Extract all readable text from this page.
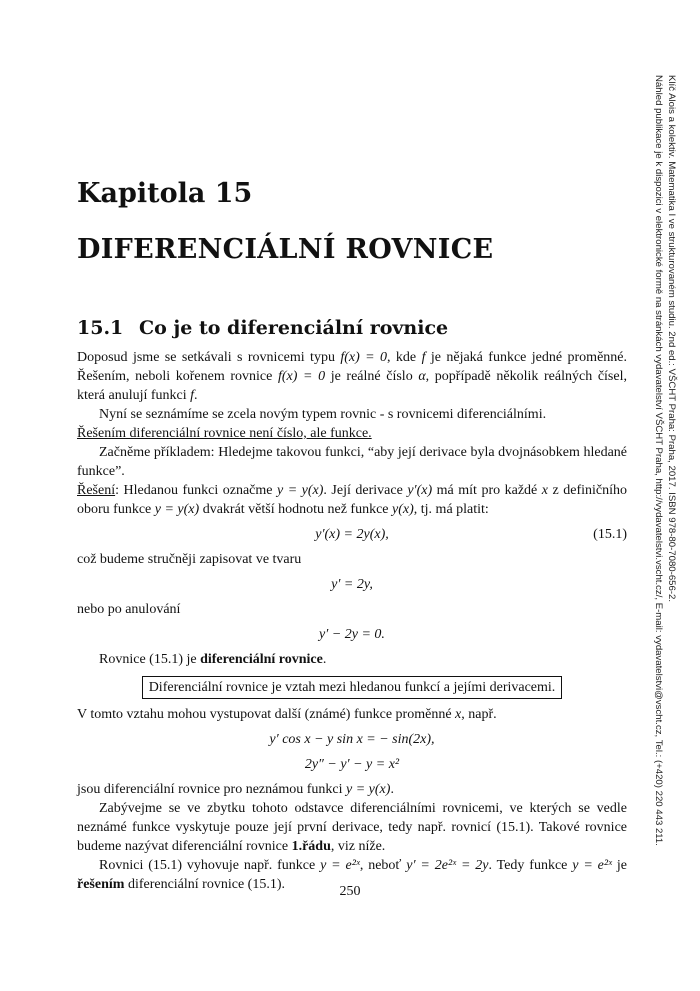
Kapitola 15
DIFERENCIÁLNÍ ROVNICE
15.1 Co je to diferenciální rovnice

Doposud jsme se setkávali s rovnicemi typu f(x) = 0, kde f je nějaká funkce jedné proměnné. Řešením, neboli kořenem rovnice f(x) = 0 je reálné číslo α, popřípadě několik reálných čísel, která anulují funkci f.

Nyní se seznámíme se zcela novým typem rovnic - s rovnicemi diferenciálními.

Řešením diferenciální rovnice není číslo, ale funkce.

Začněme příkladem: Hledejme takovou funkci, “aby její derivace byla dvojnásobkem hledané funkce”.

Řešení: Hledanou funkci označme y = y(x). Její derivace y′(x) má mít pro každé x z definičního oboru funkce y = y(x) dvakrát větší hodnotu než funkce y(x), tj. má platit:

y′(x) = 2y(x),	(15.1)

což budeme stručněji zapisovat ve tvaru

y′ = 2y,

nebo po anulování

y′ − 2y = 0.

Rovnice (15.1) je diferenciální rovnice.

Diferenciální rovnice je vztah mezi hledanou funkcí a jejími derivacemi.

V tomto vztahu mohou vystupovat další (známé) funkce proměnné x, např.

y′ cos x − y sin x = − sin(2x),
2y″ − y′ − y = x²

jsou diferenciální rovnice pro neznámou funkci y = y(x).

Zabývejme se ve zbytku tohoto odstavce diferenciálními rovnicemi, ve kterých se vedle neznámé funkce vyskytuje pouze její první derivace, tedy např. rovnicí (15.1). Takové rovnice budeme nazývat diferenciální rovnice 1.řádu, viz níže.

Rovnici (15.1) vyhovuje např. funkce y = e²ˣ, neboť y′ = 2e²ˣ = 2y. Tedy funkce y = e²ˣ je řešením diferenciální rovnice (15.1).	250
Klíč Alois a kolektiv. Matematika I ve strukturovaném studiu. 2nd ed.: VŠCHT Praha: Praha, 2017. ISBN 978-80-7080-656-2.
Náhled publikace je k dispozici v elektronické formě na stránkách vydavatelství VŠCHT Praha, http://vydavatelstvi.vscht.cz/, E-mail: vydavatelstvi@vscht.cz, Tel.: (+420) 220 443 211.
